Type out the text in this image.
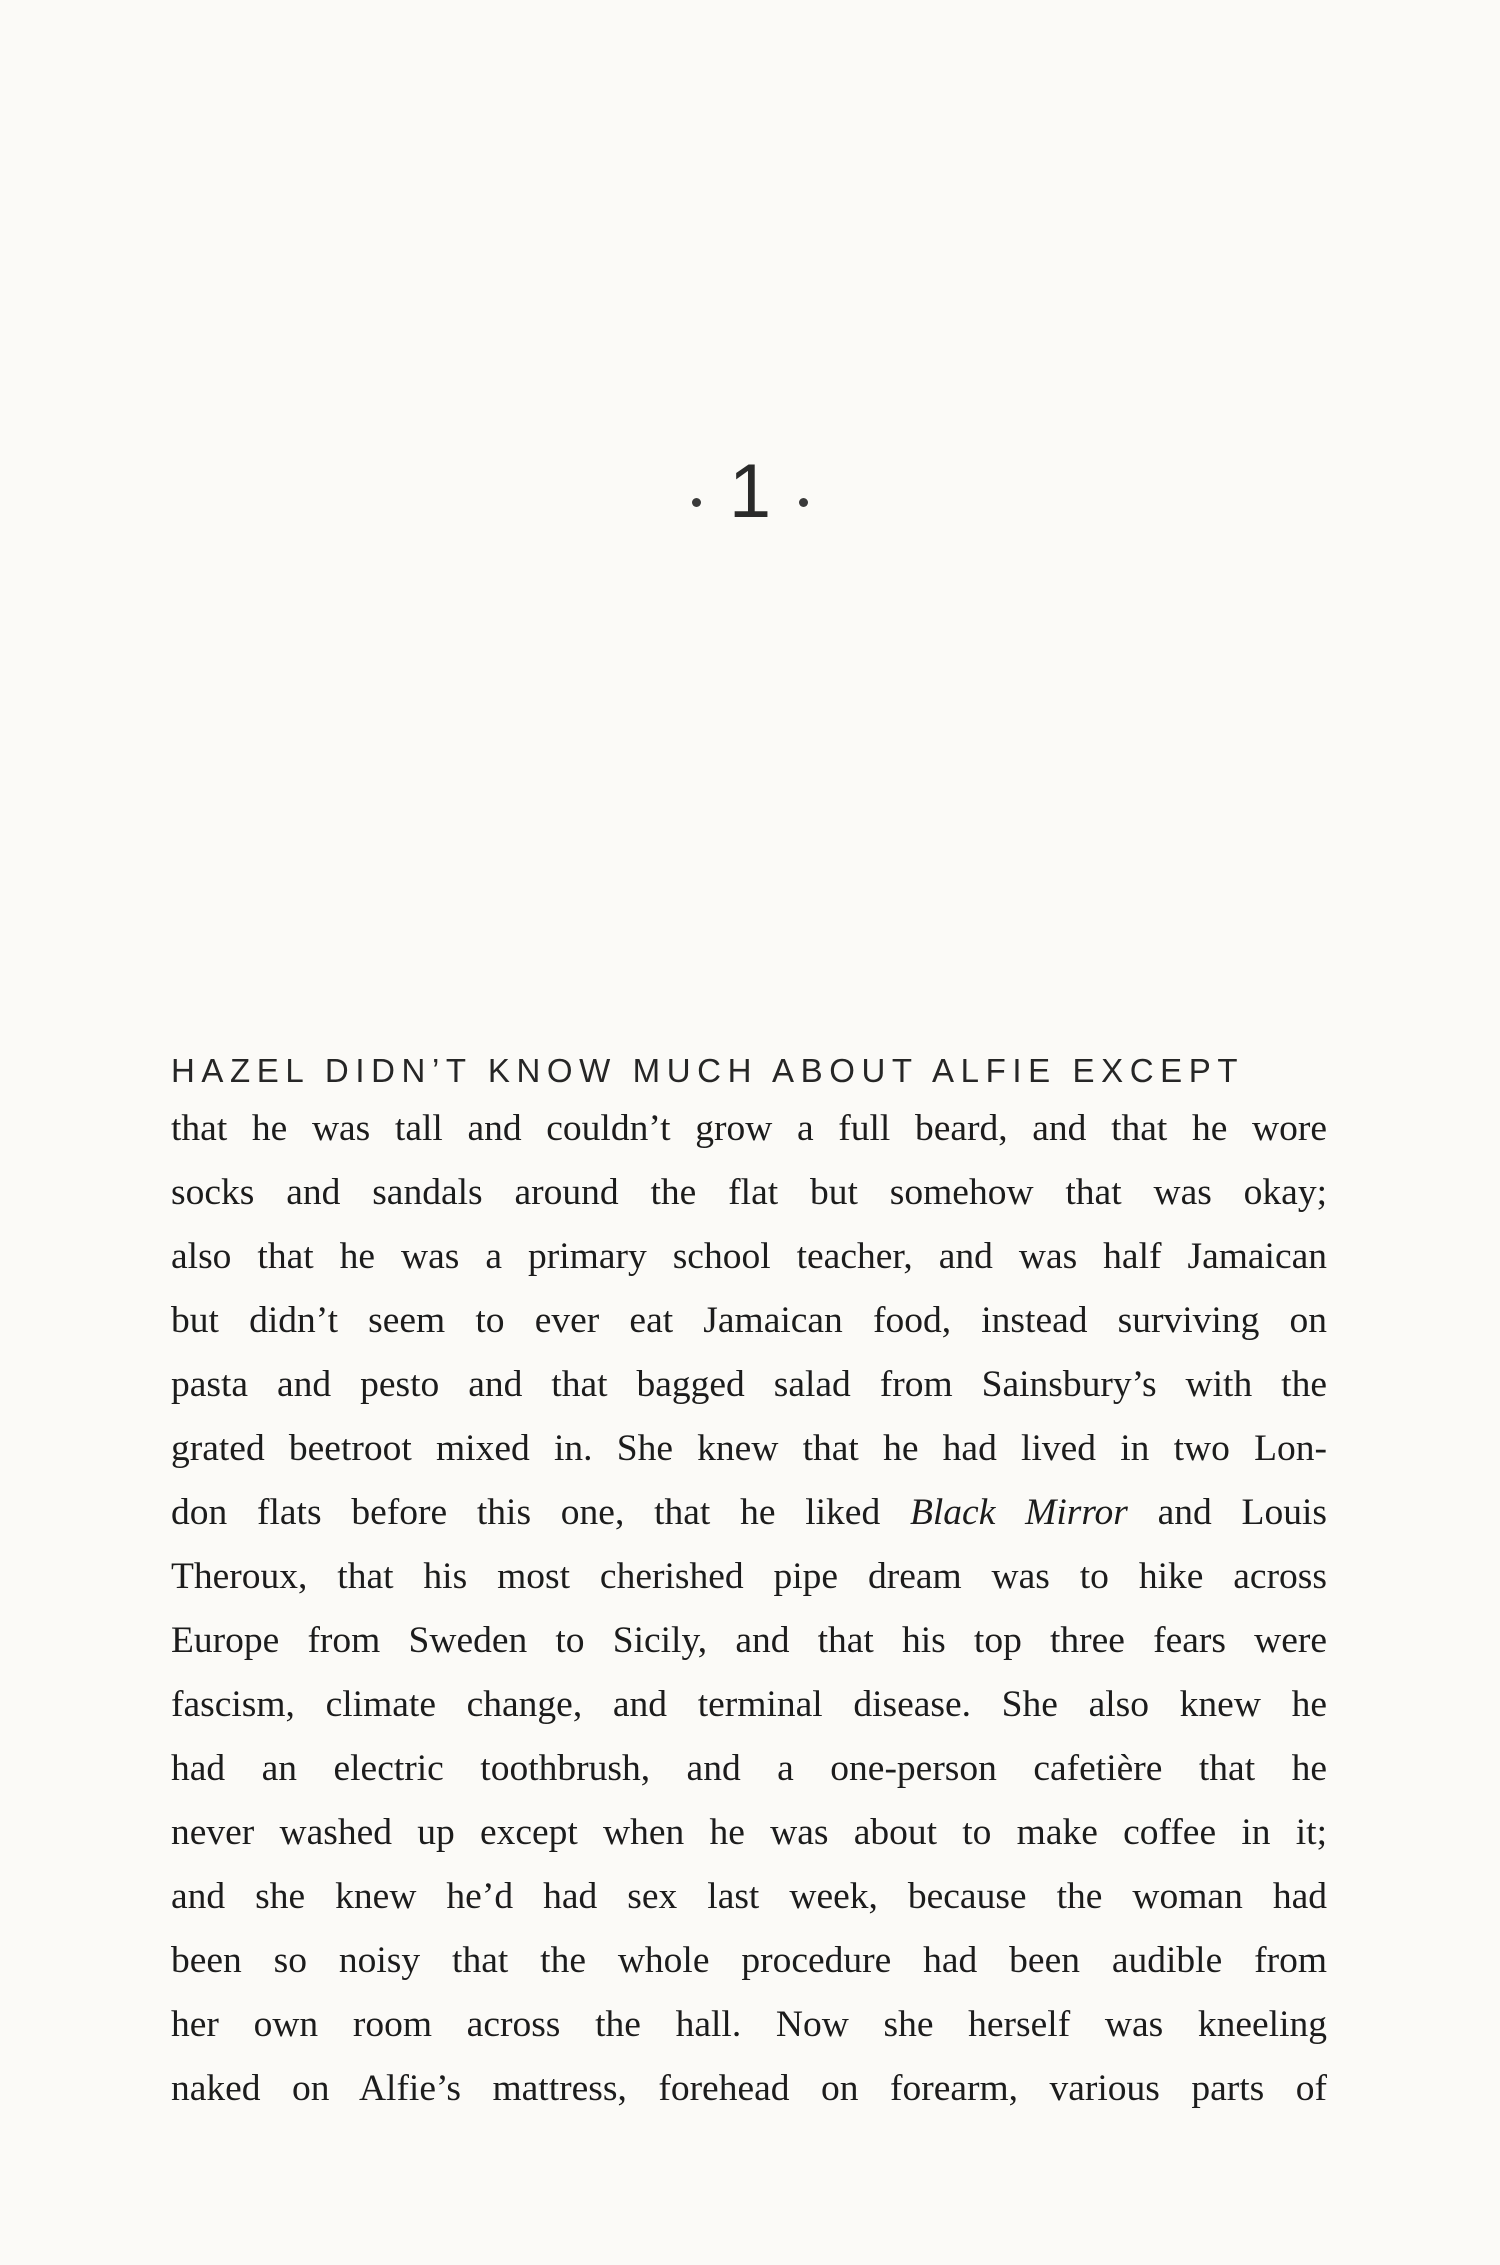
1
HAZEL DIDN’T KNOW MUCH ABOUT ALFIE EXCEPT
that he was tall and couldn’t grow a full beard, and that he wore
socks and sandals around the flat but somehow that was okay;
also that he was a primary school teacher, and was half Jamaican
but didn’t seem to ever eat Jamaican food, instead surviving on
pasta and pesto and that bagged salad from Sainsbury’s with the
grated beetroot mixed in. She knew that he had lived in two Lon-
don flats before this one, that he liked Black Mirror and Louis
Theroux, that his most cherished pipe dream was to hike across
Europe from Sweden to Sicily, and that his top three fears were
fascism, climate change, and terminal disease. She also knew he
had an electric toothbrush, and a one-person cafetière that he
never washed up except when he was about to make coffee in it;
and she knew he’d had sex last week, because the woman had
been so noisy that the whole procedure had been audible from
her own room across the hall. Now she herself was kneeling
naked on Alfie’s mattress, forehead on forearm, various parts of
